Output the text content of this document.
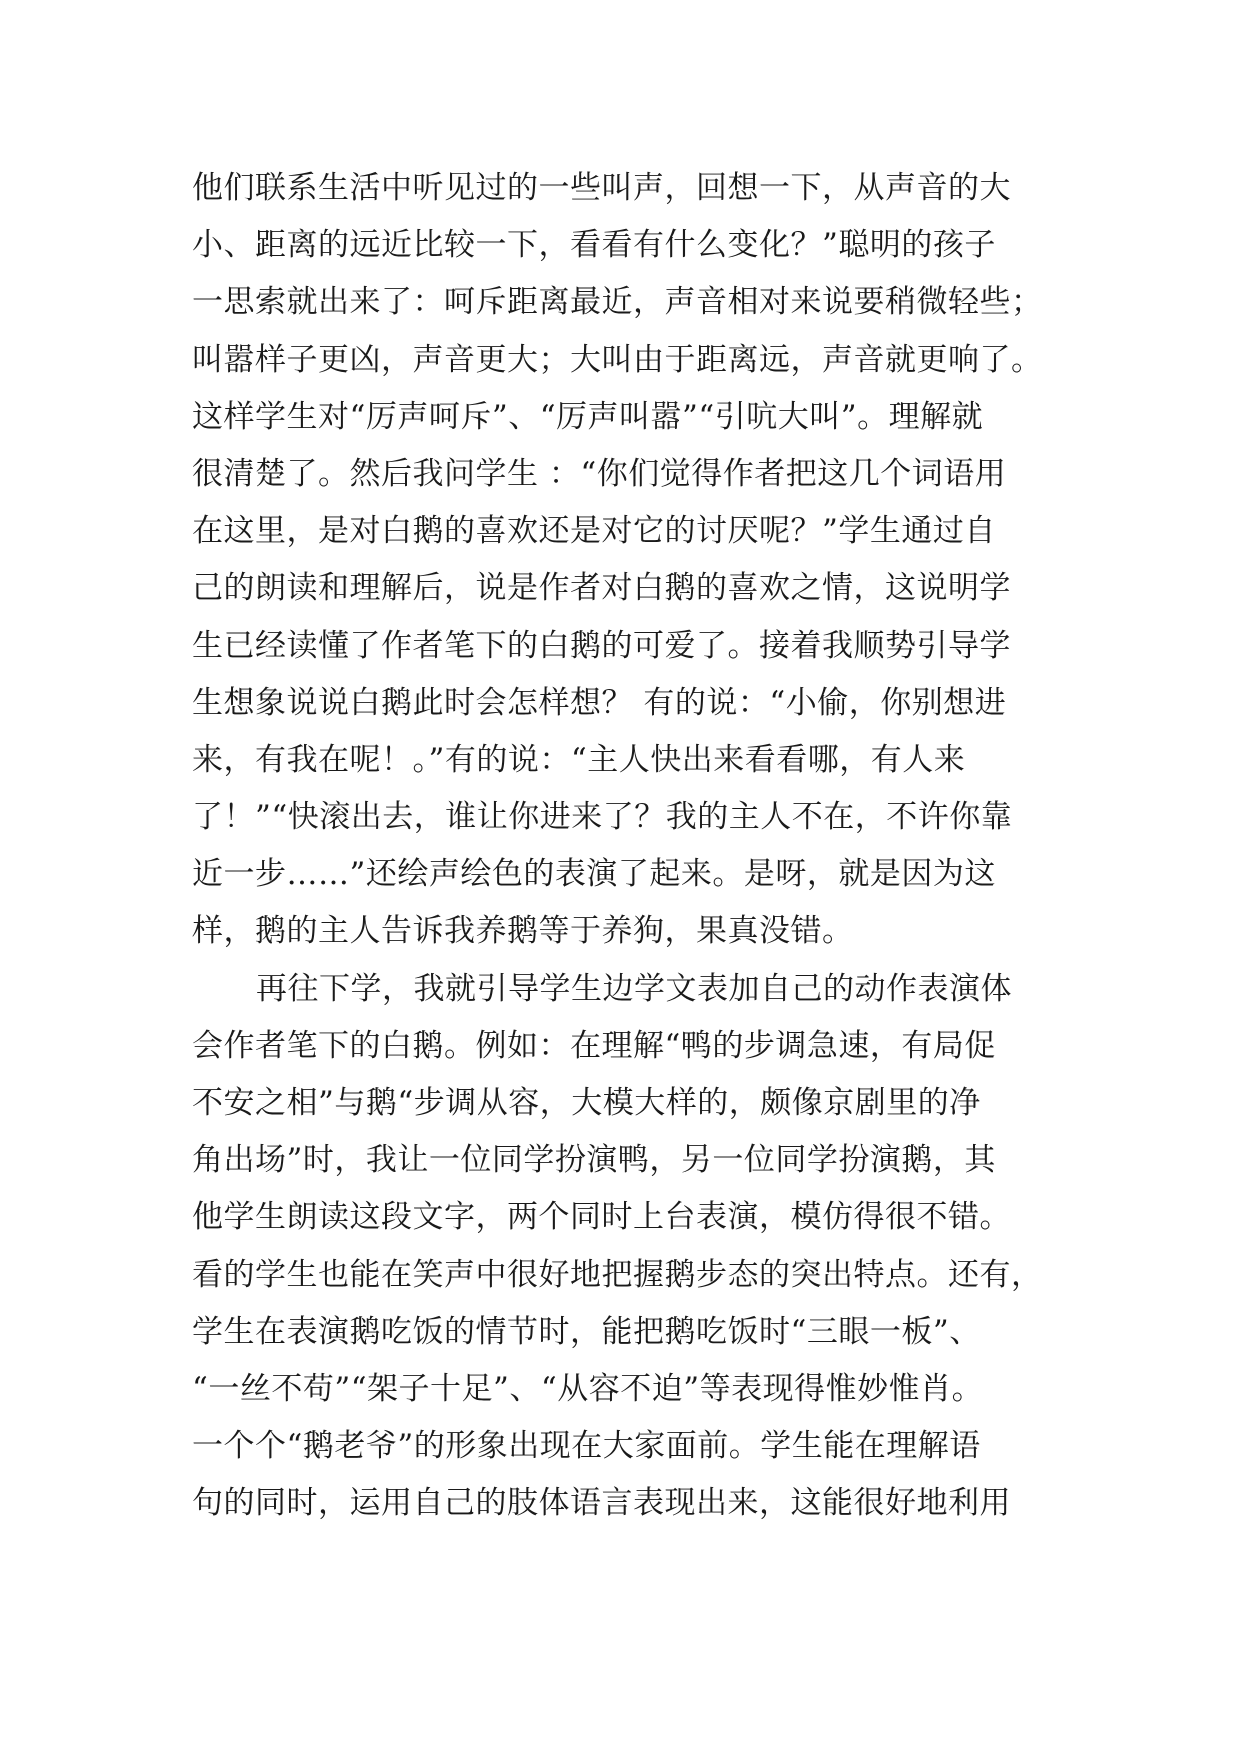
他们联系生活中听见过的一些叫声，回想一下，从声音的大
小、距离的远近比较一下，看看有什么变化？”聪明的孩子
一思索就出来了：呵斥距离最近，声音相对来说要稍微轻些；
叫嚣样子更凶，声音更大；大叫由于距离远，声音就更响了。
这样学生对“厉声呵斥”、“厉声叫嚣”“引吭大叫”。理解就
很清楚了。然后我问学生 ：“你们觉得作者把这几个词语用
在这里，是对白鹅的喜欢还是对它的讨厌呢？”学生通过自
己的朗读和理解后，说是作者对白鹅的喜欢之情，这说明学
生已经读懂了作者笔下的白鹅的可爱了。接着我顺势引导学
生想象说说白鹅此时会怎样想？ 有的说：“小偷，你别想进
来，有我在呢！。”有的说：“主人快出来看看哪，有人来
了！”“快滚出去，谁让你进来了？我的主人不在，不许你靠
近一步……”还绘声绘色的表演了起来。是呀，就是因为这
样，鹅的主人告诉我养鹅等于养狗，果真没错。
再往下学，我就引导学生边学文表加自己的动作表演体
会作者笔下的白鹅。例如：在理解“鸭的步调急速，有局促
不安之相”与鹅“步调从容，大模大样的，颇像京剧里的净
角出场”时，我让一位同学扮演鸭，另一位同学扮演鹅，其
他学生朗读这段文字，两个同时上台表演，模仿得很不错。
看的学生也能在笑声中很好地把握鹅步态的突出特点。还有，
学生在表演鹅吃饭的情节时，能把鹅吃饭时“三眼一板”、
“一丝不苟”“架子十足”、“从容不迫”等表现得惟妙惟肖。
一个个“鹅老爷”的形象出现在大家面前。学生能在理解语
句的同时，运用自己的肢体语言表现出来，这能很好地利用
